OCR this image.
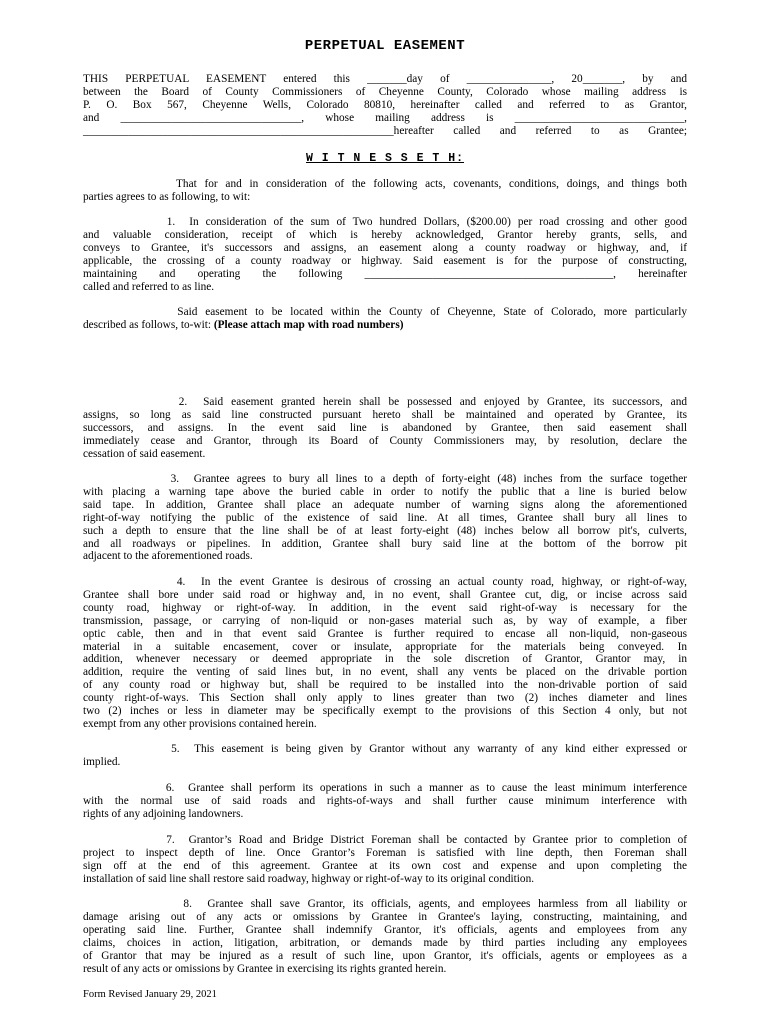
PERPETUAL EASEMENT
THIS PERPETUAL EASEMENT entered this _______day of _______________, 20_______, by and
between the Board of County Commissioners of Cheyenne County, Colorado whose mailing address is
P. O. Box 567, Cheyenne Wells, Colorado 80810, hereinafter called and referred to as Grantor,
and ________________________________, whose mailing address is ______________________________,
_______________________________________________________hereafter called and referred to as Grantee;
W I T N E S S E T H:
That for and in consideration of the following acts, covenants, conditions, doings, and things both
parties agrees to as following, to wit:
1.  In consideration of the sum of Two hundred Dollars, ($200.00) per road crossing and other good
and valuable consideration, receipt of which is hereby acknowledged, Grantor hereby grants, sells, and
conveys to Grantee, it's successors and assigns, an easement along a county roadway or highway, and, if
applicable, the crossing of a county roadway or highway. Said easement is for the purpose of constructing,
maintaining and operating the following ____________________________________________, hereinafter
called and referred to as line.
Said easement to be located within the County of Cheyenne, State of Colorado, more particularly
described as follows, to-wit: (Please attach map with road numbers)
2.  Said easement granted herein shall be possessed and enjoyed by Grantee, its successors, and
assigns, so long as said line constructed pursuant hereto shall be maintained and operated by Grantee, its
successors, and assigns. In the event said line is abandoned by Grantee, then said easement shall
immediately cease and Grantor, through its Board of County Commissioners may, by resolution, declare the
cessation of said easement.
3.  Grantee agrees to bury all lines to a depth of forty-eight (48) inches from the surface together
with placing a warning tape above the buried cable in order to notify the public that a line is buried below
said tape. In addition, Grantee shall place an adequate number of warning signs along the aforementioned
right-of-way notifying the public of the existence of said line. At all times, Grantee shall bury all lines to
such a depth to ensure that the line shall be of at least forty-eight (48) inches below all borrow pit's, culverts,
and all roadways or pipelines. In addition, Grantee shall bury said line at the bottom of the borrow pit
adjacent to the aforementioned roads.
4.  In the event Grantee is desirous of crossing an actual county road, highway, or right-of-way,
Grantee shall bore under said road or highway and, in no event, shall Grantee cut, dig, or incise across said
county road, highway or right-of-way. In addition, in the event said right-of-way is necessary for the
transmission, passage, or carrying of non-liquid or non-gases material such as, by way of example, a fiber
optic cable, then and in that event said Grantee is further required to encase all non-liquid, non-gaseous
material in a suitable encasement, cover or insulate, appropriate for the materials being conveyed. In
addition, whenever necessary or deemed appropriate in the sole discretion of Grantor, Grantor may, in
addition, require the venting of said lines but, in no event, shall any vents be placed on the drivable portion
of any county road or highway but, shall be required to be installed into the non-drivable portion of said
county right-of-ways. This Section shall only apply to lines greater than two (2) inches diameter and lines
two (2) inches or less in diameter may be specifically exempt to the provisions of this Section 4 only, but not
exempt from any other provisions contained herein.
5.  This easement is being given by Grantor without any warranty of any kind either expressed or
implied.
6.  Grantee shall perform its operations in such a manner as to cause the least minimum interference
with the normal use of said roads and rights-of-ways and shall further cause minimum interference with
rights of any adjoining landowners.
7.  Grantor’s Road and Bridge District Foreman shall be contacted by Grantee prior to completion of
project to inspect depth of line. Once Grantor’s Foreman is satisfied with line depth, then Foreman shall
sign off at the end of this agreement. Grantee at its own cost and expense and upon completing the
installation of said line shall restore said roadway, highway or right-of-way to its original condition.
8.  Grantee shall save Grantor, its officials, agents, and employees harmless from all liability or
damage arising out of any acts or omissions by Grantee in Grantee's laying, constructing, maintaining, and
operating said line. Further, Grantee shall indemnify Grantor, it's officials, agents and employees from any
claims, choices in action, litigation, arbitration, or demands made by third parties including any employees
of Grantor that may be injured as a result of such line, upon Grantor, it's officials, agents or employees as a
result of any acts or omissions by Grantee in exercising its rights granted herein.
Form Revised January 29, 2021
